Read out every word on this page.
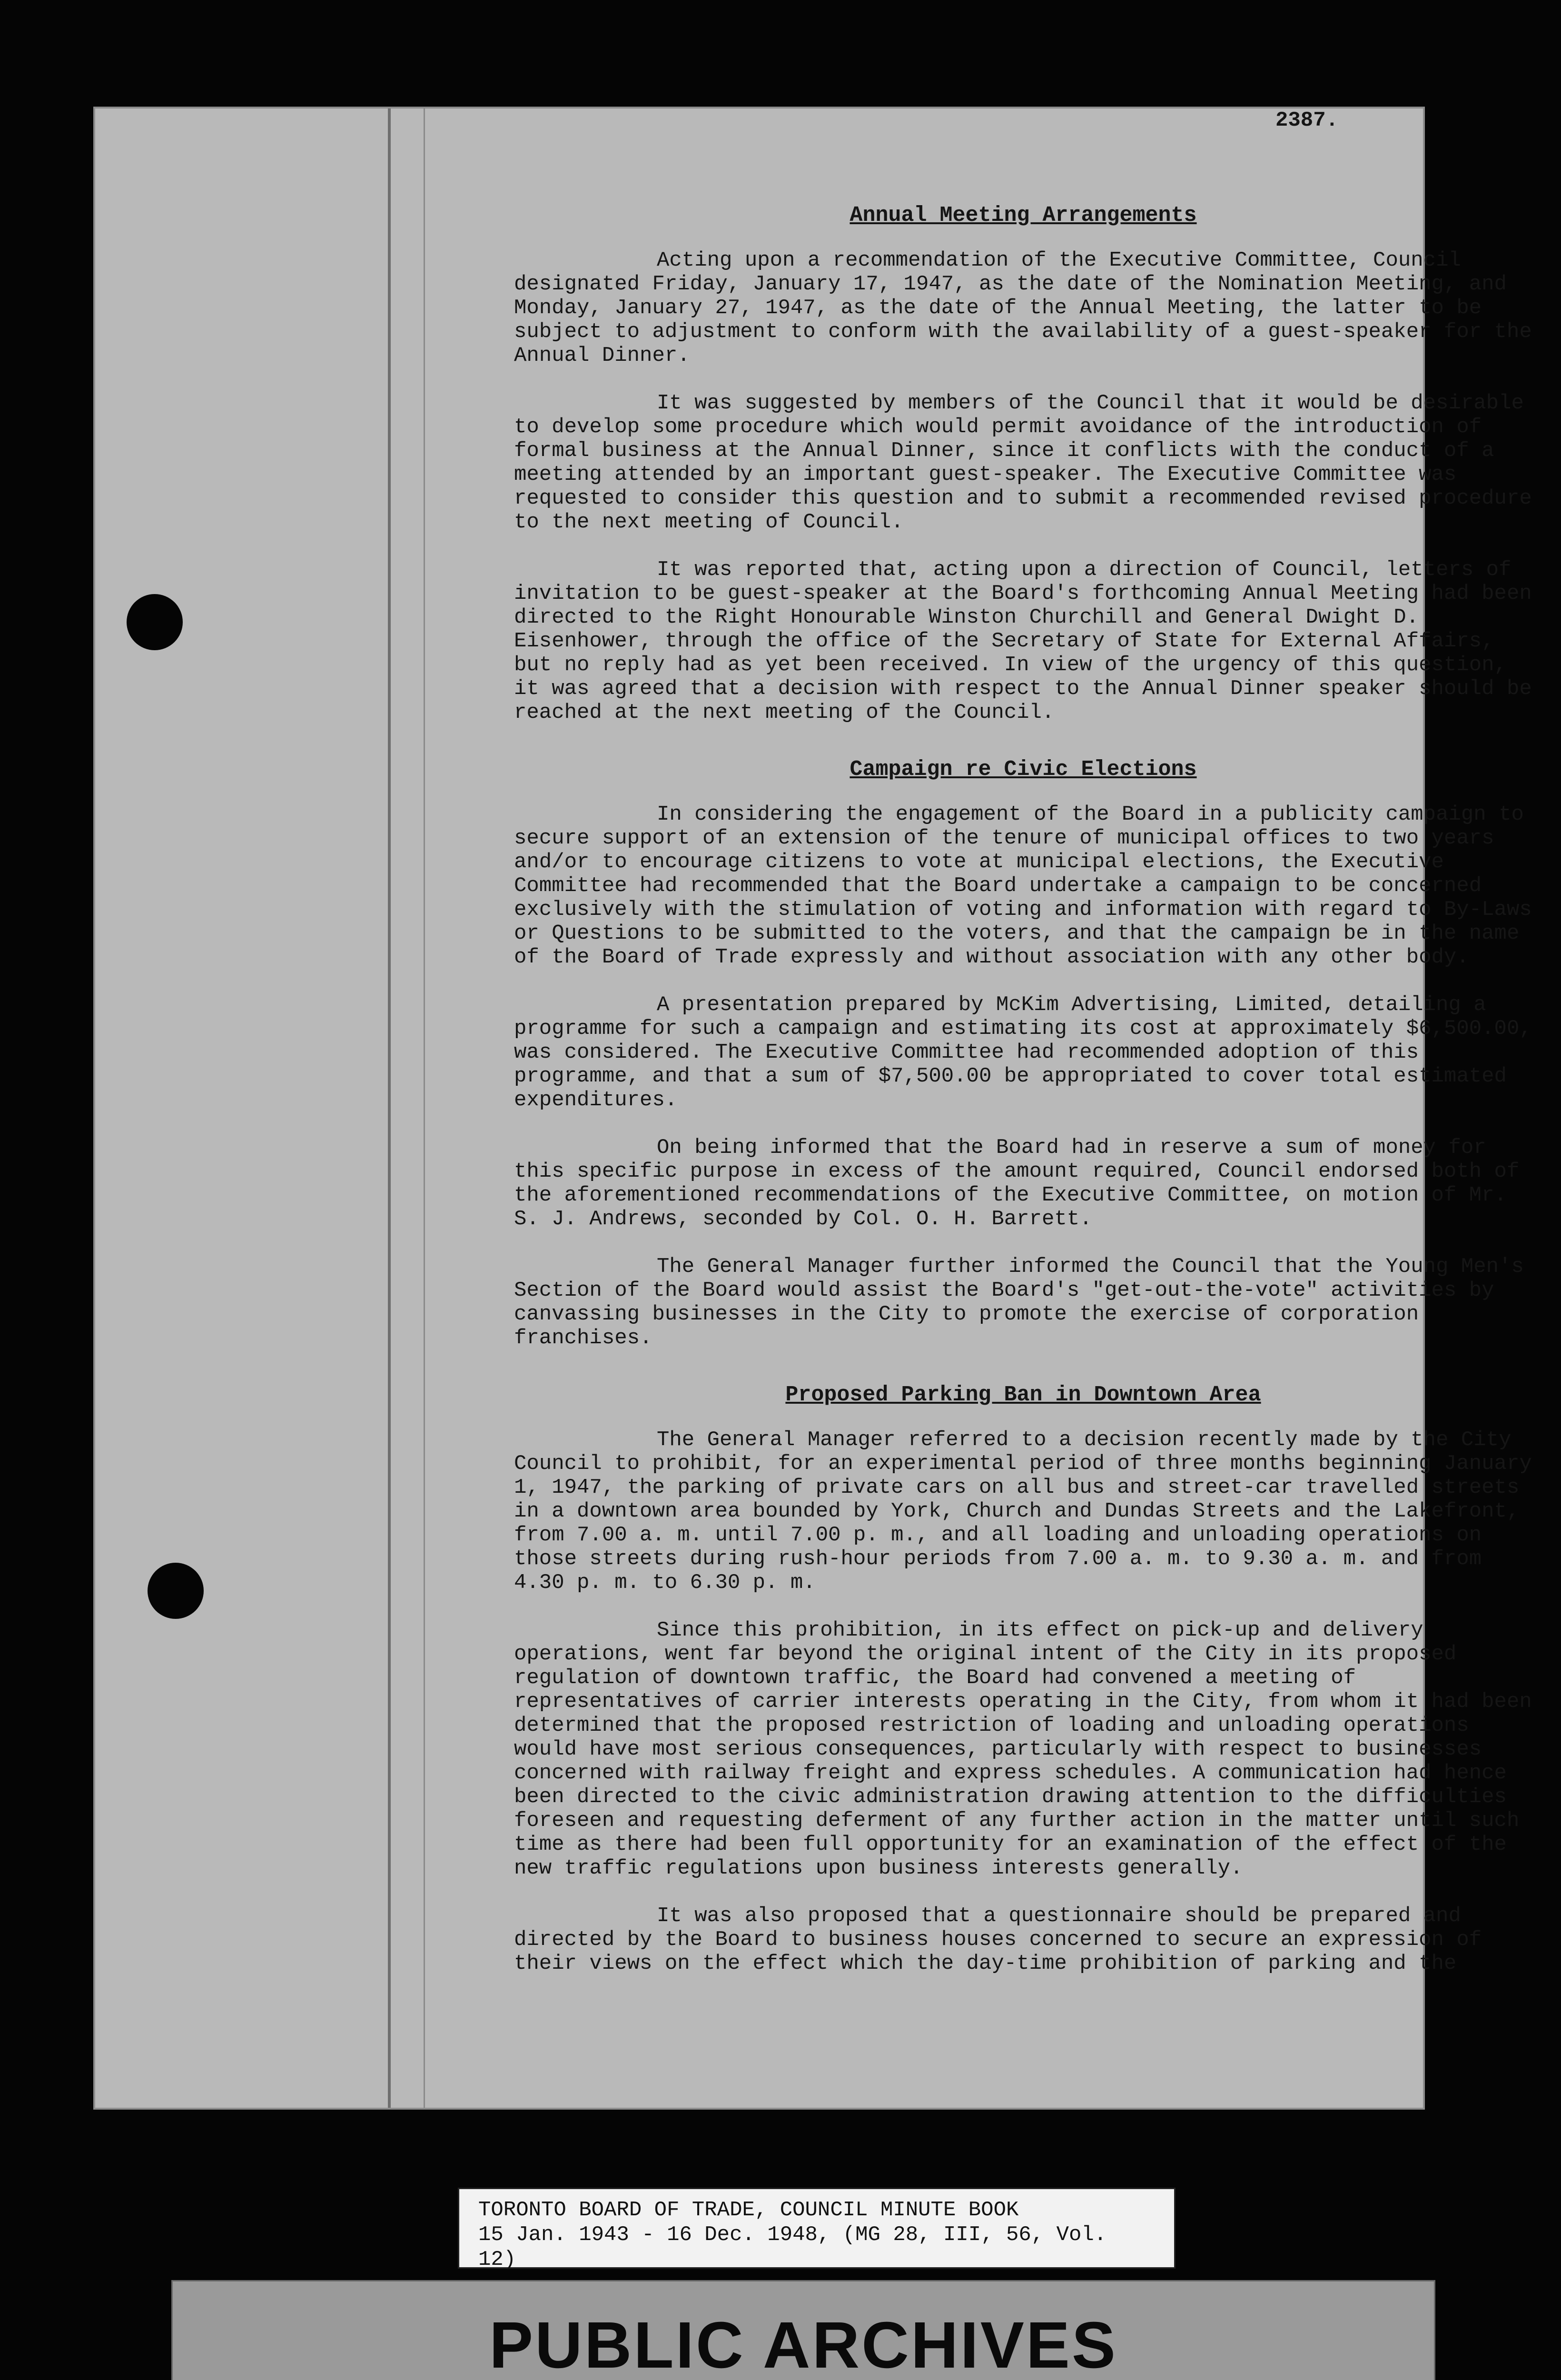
2387.
Annual Meeting Arrangements

Acting upon a recommendation of the Executive Committee, Council designated Friday, January 17, 1947, as the date of the Nomination Meeting, and Monday, January 27, 1947, as the date of the Annual Meeting, the latter to be subject to adjustment to conform with the availability of a guest-speaker for the Annual Dinner.

It was suggested by members of the Council that it would be desirable to develop some procedure which would permit avoidance of the introduction of formal business at the Annual Dinner, since it conflicts with the conduct of a meeting attended by an important guest-speaker. The Executive Committee was requested to consider this question and to submit a recommended revised procedure to the next meeting of Council.

It was reported that, acting upon a direction of Council, letters of invitation to be guest-speaker at the Board's forthcoming Annual Meeting had been directed to the Right Honourable Winston Churchill and General Dwight D. Eisenhower, through the office of the Secretary of State for External Affairs, but no reply had as yet been received. In view of the urgency of this question, it was agreed that a decision with respect to the Annual Dinner speaker should be reached at the next meeting of the Council.

Campaign re Civic Elections

In considering the engagement of the Board in a publicity campaign to secure support of an extension of the tenure of municipal offices to two years and/or to encourage citizens to vote at municipal elections, the Executive Committee had recommended that the Board undertake a campaign to be concerned exclusively with the stimulation of voting and information with regard to By-Laws or Questions to be submitted to the voters, and that the campaign be in the name of the Board of Trade expressly and without association with any other body.

A presentation prepared by McKim Advertising, Limited, detailing a programme for such a campaign and estimating its cost at approximately $6,500.00, was considered. The Executive Committee had recommended adoption of this programme, and that a sum of $7,500.00 be appropriated to cover total estimated expenditures.

On being informed that the Board had in reserve a sum of money for this specific purpose in excess of the amount required, Council endorsed both of the aforementioned recommendations of the Executive Committee, on motion of Mr. S. J. Andrews, seconded by Col. O. H. Barrett.

The General Manager further informed the Council that the Young Men's Section of the Board would assist the Board's "get-out-the-vote" activities by canvassing businesses in the City to promote the exercise of corporation franchises.

Proposed Parking Ban in Downtown Area

The General Manager referred to a decision recently made by the City Council to prohibit, for an experimental period of three months beginning January 1, 1947, the parking of private cars on all bus and street-car travelled streets in a downtown area bounded by York, Church and Dundas Streets and the Lakefront, from 7.00 a. m. until 7.00 p. m., and all loading and unloading operations on those streets during rush-hour periods from 7.00 a. m. to 9.30 a. m. and from 4.30 p. m. to 6.30 p. m.

Since this prohibition, in its effect on pick-up and delivery operations, went far beyond the original intent of the City in its proposed regulation of downtown traffic, the Board had convened a meeting of representatives of carrier interests operating in the City, from whom it had been determined that the proposed restriction of loading and unloading operations would have most serious consequences, particularly with respect to businesses concerned with railway freight and express schedules. A communication had hence been directed to the civic administration drawing attention to the difficulties foreseen and requesting deferment of any further action in the matter until such time as there had been full opportunity for an examination of the effect of the new traffic regulations upon business interests generally.

It was also proposed that a questionnaire should be prepared and directed by the Board to business houses concerned to secure an expression of their views on the effect which the day-time prohibition of parking and the

TORONTO BOARD OF TRADE, COUNCIL MINUTE BOOK
15 Jan. 1943 - 16 Dec. 1948, (MG 28, III, 56, Vol. 12)
PUBLIC ARCHIVES
